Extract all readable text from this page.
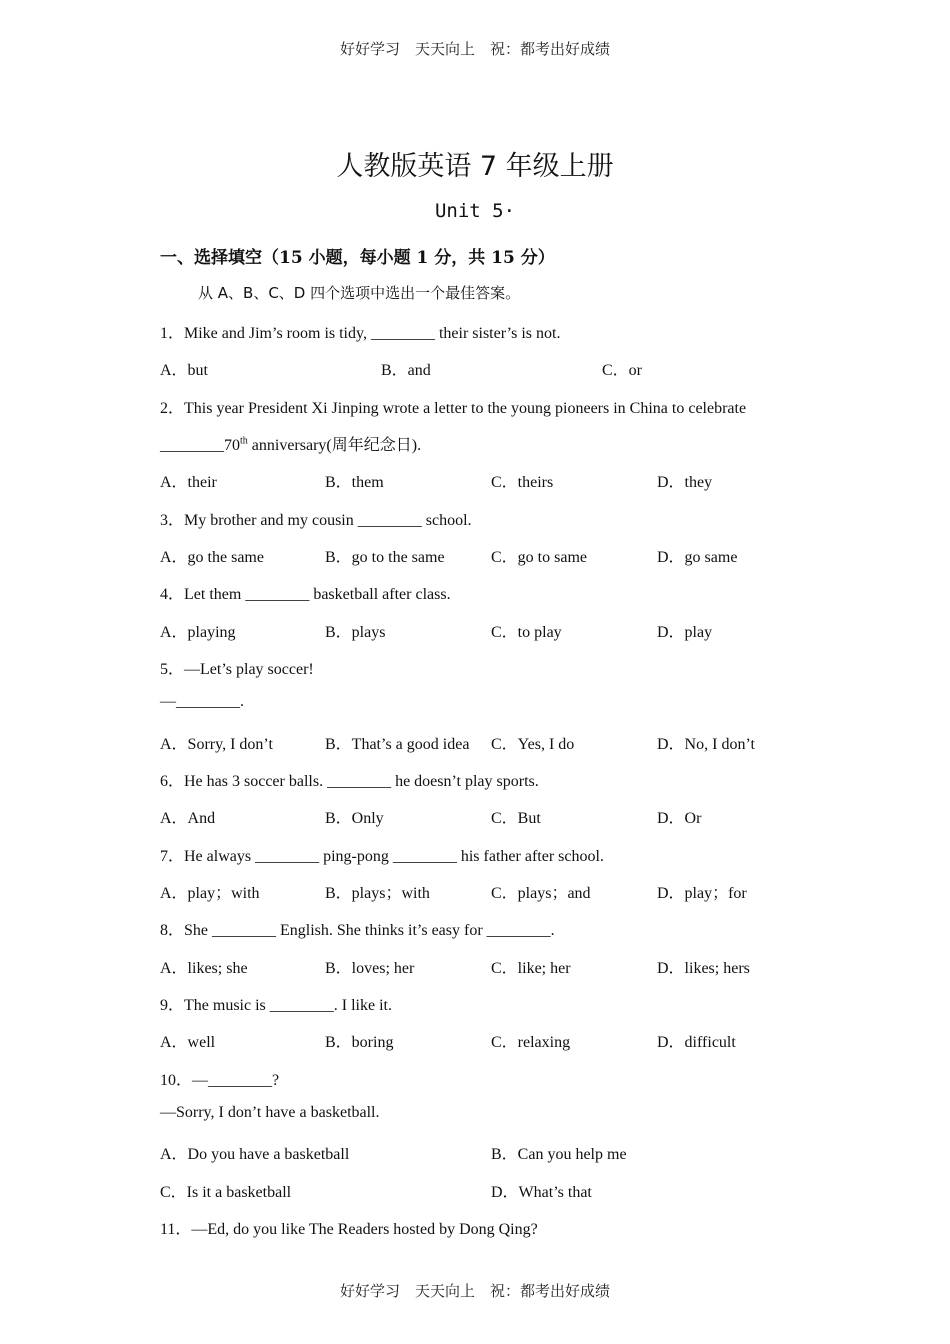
好好学习　天天向上　祝：都考出好成绩
人教版英语 7 年级上册
Unit 5·
一、选择填空（15 小题，每小题 1 分，共 15 分）
从 A、B、C、D 四个选项中选出一个最佳答案。
1．Mike and Jim’s room is tidy, ________ their sister’s is not.
A．but	B．and	C．or
2．This year President Xi Jinping wrote a letter to the young pioneers in China to celebrate
________70th anniversary(周年纪念日).
A．their	B．them	C．theirs	D．they
3．My brother and my cousin ________ school.
A．go the same	B．go to the same	C．go to same	D．go same
4．Let them ________ basketball after class.
A．playing	B．plays	C．to play	D．play
5．—Let’s play soccer!
—________.
A．Sorry, I don’t	B．That’s a good idea C．Yes, I do	D．No, I don’t
6．He has 3 soccer balls. ________ he doesn’t play sports.
A．And	B．Only	C．But	D．Or
7．He always ________ ping-pong ________ his father after school.
A．play；with	B．plays；with	C．plays；and	D．play；for
8．She ________ English. She thinks it’s easy for ________.
A．likes; she	B．loves; her	C．like; her	D．likes; hers
9．The music is ________. I like it.
A．well	B．boring	C．relaxing	D．difficult
10．—________?
—Sorry, I don’t have a basketball.
A．Do you have a basketball	B．Can you help me
C．Is it a basketball	D．What’s that
11．—Ed, do you like The Readers hosted by Dong Qing?
好好学习　天天向上　祝：都考出好成绩
